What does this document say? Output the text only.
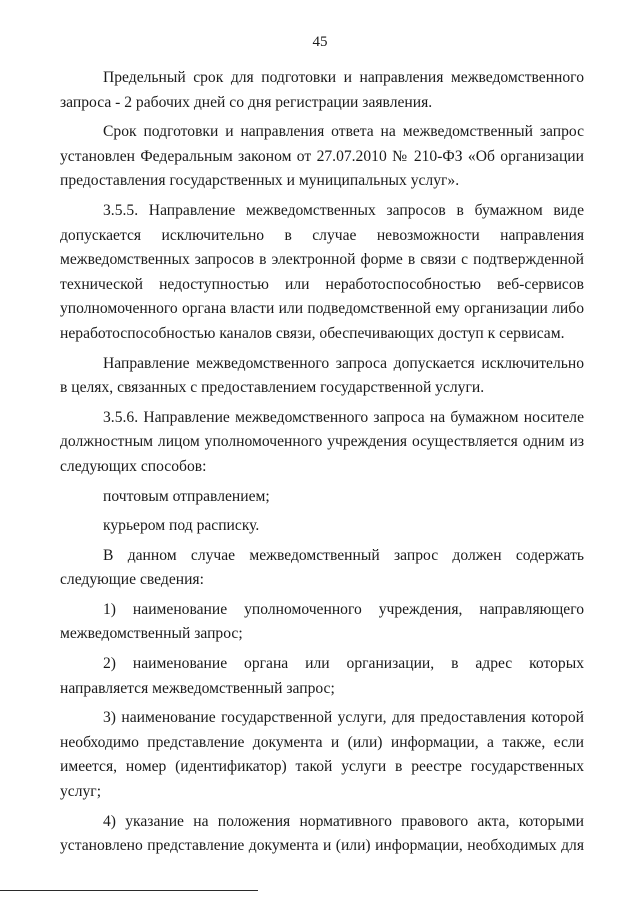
45

Предельный срок для подготовки и направления межведомственного запроса - 2 рабочих дней со дня регистрации заявления.

Срок подготовки и направления ответа на межведомственный запрос установлен Федеральным законом от 27.07.2010 № 210-ФЗ «Об организации предоставления государственных и муниципальных услуг».

3.5.5. Направление межведомственных запросов в бумажном виде допускается исключительно в случае невозможности направления межведомственных запросов в электронной форме в связи с подтвержденной технической недоступностью или неработоспособностью веб-сервисов уполномоченного органа власти или подведомственной ему организации либо неработоспособностью каналов связи, обеспечивающих доступ к сервисам.

Направление межведомственного запроса допускается исключительно в целях, связанных с предоставлением государственной услуги.

3.5.6. Направление межведомственного запроса на бумажном носителе должностным лицом уполномоченного учреждения осуществляется одним из следующих способов:

почтовым отправлением;

курьером под расписку.

В данном случае межведомственный запрос должен содержать следующие сведения:

1) наименование уполномоченного учреждения, направляющего межведомственный запрос;

2) наименование органа или организации, в адрес которых направляется межведомственный запрос;

3) наименование государственной услуги, для предоставления которой необходимо представление документа и (или) информации, а также, если имеется, номер (идентификатор) такой услуги в реестре государственных услуг;

4) указание на положения нормативного правового акта, которыми установлено представление документа и (или) информации, необходимых для
